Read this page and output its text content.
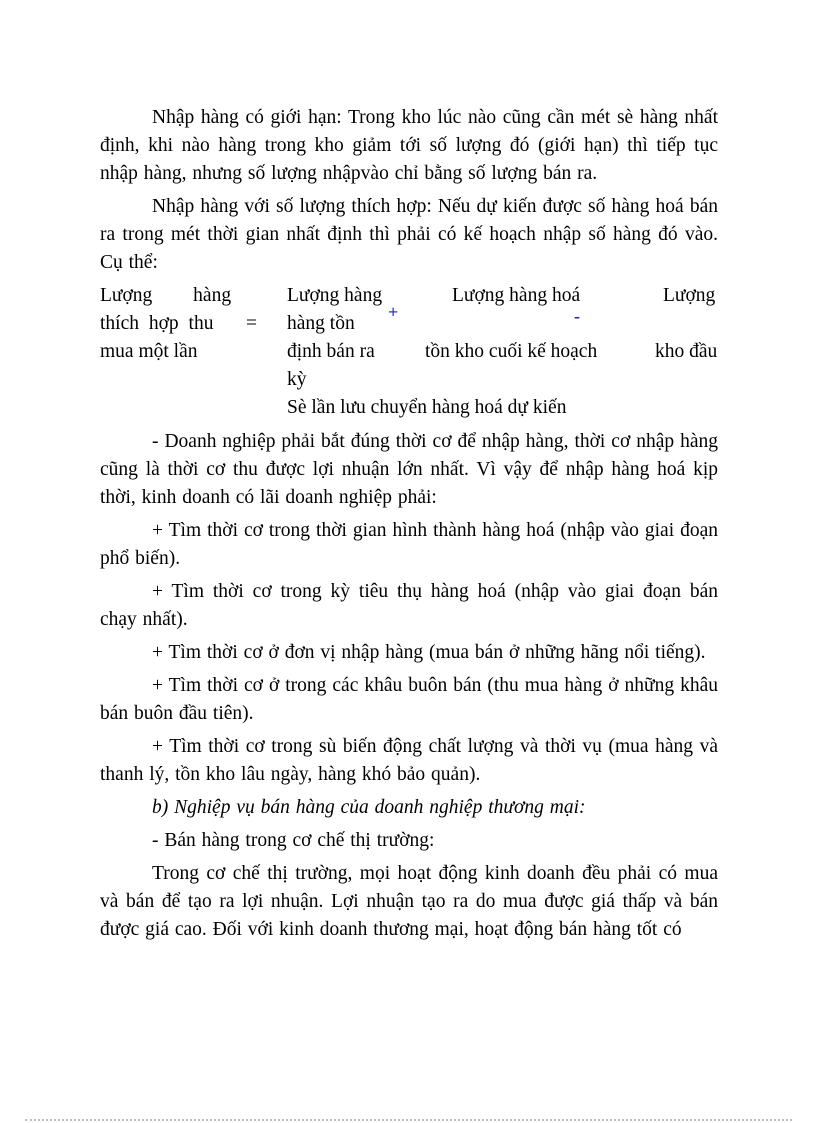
Nhập hàng có giới hạn: Trong kho lúc nào cũng cần mét sè hàng nhất định, khi nào hàng trong kho giảm tới số lượng đó (giới hạn) thì tiếp tục nhập hàng, nhưng số lượng nhậpvào chỉ bằng số lượng bán ra.

Nhập hàng với số lượng thích hợp: Nếu dự kiến được số hàng hoá bán ra trong mét thời gian nhất định thì phải có kế hoạch nhập số hàng đó vào. Cụ thể:

Lượng hàng
thích hợp thu =
mua một lần
Lượng hàng
hàng tồn
định bán ra
kỳ
+
Lượng hàng hoá
tồn kho cuối kế hoạch
-
Lượng
kho đầu
Sè lần lưu chuyển hàng hoá dự kiến

- Doanh nghiệp phải bắt đúng thời cơ để nhập hàng, thời cơ nhập hàng cũng là thời cơ thu được lợi nhuận lớn nhất. Vì vậy để nhập hàng hoá kịp thời, kinh doanh có lãi doanh nghiệp phải:

+ Tìm thời cơ trong thời gian hình thành hàng hoá (nhập vào giai đoạn phổ biến).

+ Tìm thời cơ trong kỳ tiêu thụ hàng hoá (nhập vào giai đoạn bán chạy nhất).

+ Tìm thời cơ ở đơn vị nhập hàng (mua bán ở những hãng nổi tiếng).

+ Tìm thời cơ ở trong các khâu buôn bán (thu mua hàng ở những khâu bán buôn đầu tiên).

+ Tìm thời cơ trong sù biến động chất lượng và thời vụ (mua hàng và thanh lý, tồn kho lâu ngày, hàng khó bảo quản).

b) Nghiệp vụ bán hàng của doanh nghiệp thương mại:

- Bán hàng trong cơ chế thị trường:

Trong cơ chế thị trường, mọi hoạt động kinh doanh đều phải có mua và bán để tạo ra lợi nhuận. Lợi nhuận tạo ra do mua được giá thấp và bán được giá cao. Đối với kinh doanh thương mại, hoạt động bán hàng tốt có
